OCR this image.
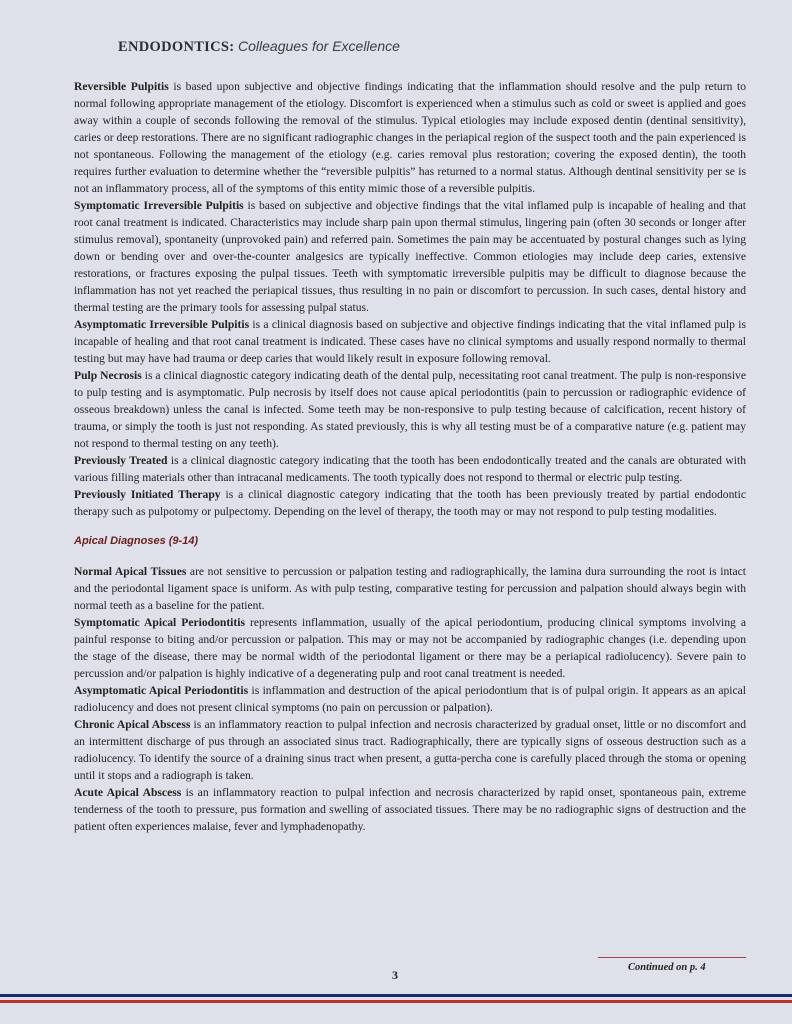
ENDODONTICS: Colleagues for Excellence

Reversible Pulpitis is based upon subjective and objective findings indicating that the inflammation should resolve and the pulp return to normal following appropriate management of the etiology. Discomfort is experienced when a stimulus such as cold or sweet is applied and goes away within a couple of seconds following the removal of the stimulus. Typical etiologies may include exposed dentin (dentinal sensitivity), caries or deep restorations. There are no significant radiographic changes in the periapical region of the suspect tooth and the pain experienced is not spontaneous. Following the management of the etiology (e.g. caries removal plus restoration; covering the exposed dentin), the tooth requires further evaluation to determine whether the “reversible pulpitis” has returned to a normal status. Although dentinal sensitivity per se is not an inflammatory process, all of the symptoms of this entity mimic those of a reversible pulpitis.

Symptomatic Irreversible Pulpitis is based on subjective and objective findings that the vital inflamed pulp is incapable of healing and that root canal treatment is indicated. Characteristics may include sharp pain upon thermal stimulus, lingering pain (often 30 seconds or longer after stimulus removal), spontaneity (unprovoked pain) and referred pain. Sometimes the pain may be accentuated by postural changes such as lying down or bending over and over-the-counter analgesics are typically ineffective. Common etiologies may include deep caries, extensive restorations, or fractures exposing the pulpal tissues. Teeth with symptomatic irreversible pulpitis may be difficult to diagnose because the inflammation has not yet reached the periapical tissues, thus resulting in no pain or discomfort to percussion. In such cases, dental history and thermal testing are the primary tools for assessing pulpal status.

Asymptomatic Irreversible Pulpitis is a clinical diagnosis based on subjective and objective findings indicating that the vital inflamed pulp is incapable of healing and that root canal treatment is indicated. These cases have no clinical symptoms and usually respond normally to thermal testing but may have had trauma or deep caries that would likely result in exposure following removal.

Pulp Necrosis is a clinical diagnostic category indicating death of the dental pulp, necessitating root canal treatment. The pulp is non-responsive to pulp testing and is asymptomatic. Pulp necrosis by itself does not cause apical periodontitis (pain to percussion or radiographic evidence of osseous breakdown) unless the canal is infected. Some teeth may be non-responsive to pulp testing because of calcification, recent history of trauma, or simply the tooth is just not responding. As stated previously, this is why all testing must be of a comparative nature (e.g. patient may not respond to thermal testing on any teeth).

Previously Treated is a clinical diagnostic category indicating that the tooth has been endodontically treated and the canals are obturated with various filling materials other than intracanal medicaments. The tooth typically does not respond to thermal or electric pulp testing.

Previously Initiated Therapy is a clinical diagnostic category indicating that the tooth has been previously treated by partial endodontic therapy such as pulpotomy or pulpectomy. Depending on the level of therapy, the tooth may or may not respond to pulp testing modalities.

Apical Diagnoses (9-14)

Normal Apical Tissues are not sensitive to percussion or palpation testing and radiographically, the lamina dura surrounding the root is intact and the periodontal ligament space is uniform. As with pulp testing, comparative testing for percussion and palpation should always begin with normal teeth as a baseline for the patient.

Symptomatic Apical Periodontitis represents inflammation, usually of the apical periodontium, producing clinical symptoms involving a painful response to biting and/or percussion or palpation. This may or may not be accompanied by radiographic changes (i.e. depending upon the stage of the disease, there may be normal width of the periodontal ligament or there may be a periapical radiolucency). Severe pain to percussion and/or palpation is highly indicative of a degenerating pulp and root canal treatment is needed.

Asymptomatic Apical Periodontitis is inflammation and destruction of the apical periodontium that is of pulpal origin. It appears as an apical radiolucency and does not present clinical symptoms (no pain on percussion or palpation).

Chronic Apical Abscess is an inflammatory reaction to pulpal infection and necrosis characterized by gradual onset, little or no discomfort and an intermittent discharge of pus through an associated sinus tract. Radiographically, there are typically signs of osseous destruction such as a radiolucency. To identify the source of a draining sinus tract when present, a gutta-percha cone is carefully placed through the stoma or opening until it stops and a radiograph is taken.

Acute Apical Abscess is an inflammatory reaction to pulpal infection and necrosis characterized by rapid onset, spontaneous pain, extreme tenderness of the tooth to pressure, pus formation and swelling of associated tissues. There may be no radiographic signs of destruction and the patient often experiences malaise, fever and lymphadenopathy.

Continued on p. 4
3
